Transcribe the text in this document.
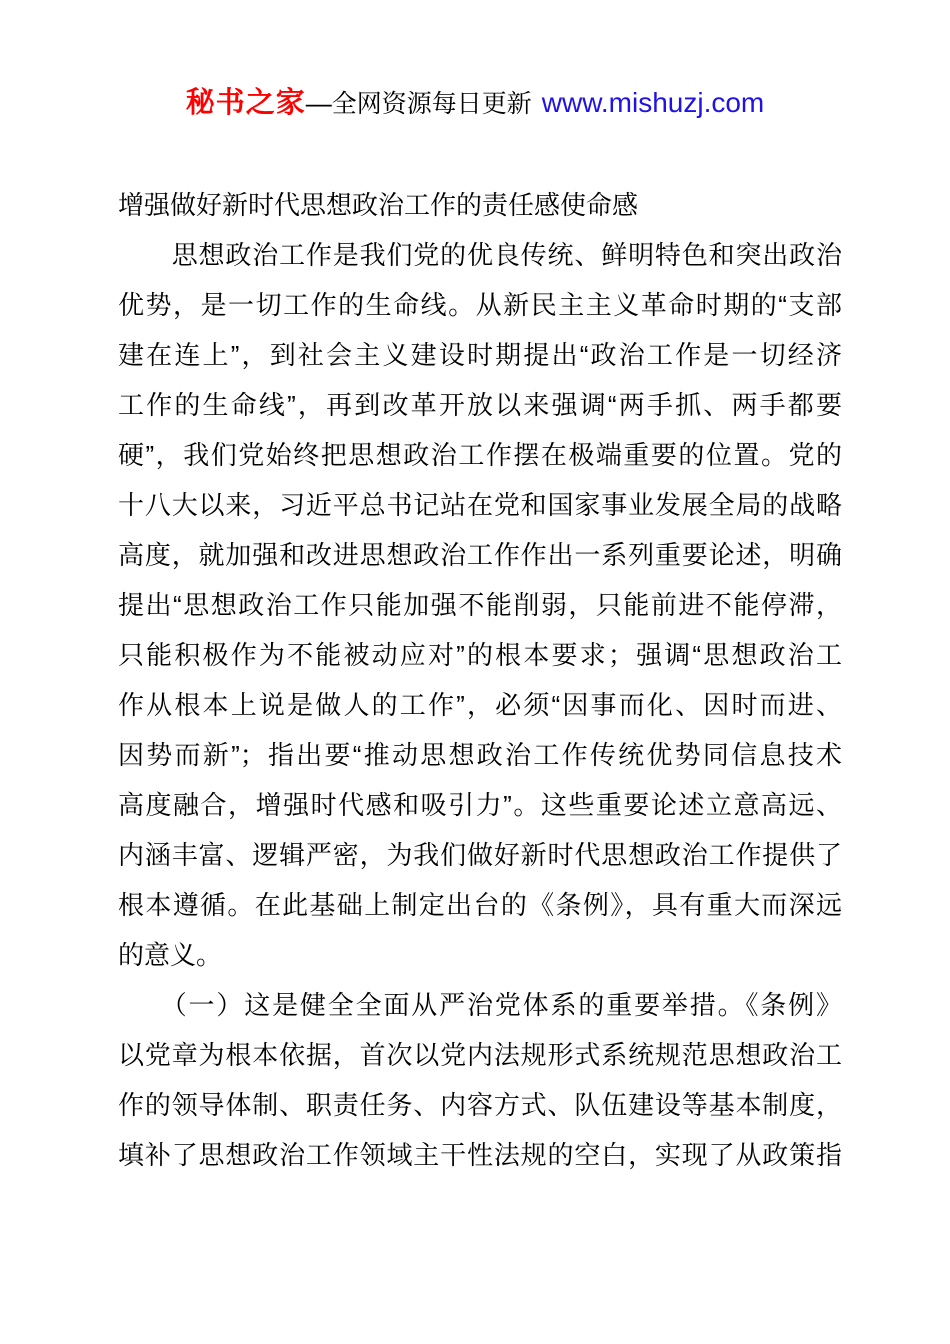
秘书之家—全网资源每日更新 www.mishuzj.com
增强做好新时代思想政治工作的责任感使命感
　　思想政治工作是我们党的优良传统、鲜明特色和突出政治
优势，是一切工作的生命线。从新民主主义革命时期的“支部
建在连上”，到社会主义建设时期提出“政治工作是一切经济
工作的生命线”，再到改革开放以来强调“两手抓、两手都要
硬”，我们党始终把思想政治工作摆在极端重要的位置。党的
十八大以来，习近平总书记站在党和国家事业发展全局的战略
高度，就加强和改进思想政治工作作出一系列重要论述，明确
提出“思想政治工作只能加强不能削弱，只能前进不能停滞，
只能积极作为不能被动应对”的根本要求；强调“思想政治工
作从根本上说是做人的工作”，必须“因事而化、因时而进、
因势而新”；指出要“推动思想政治工作传统优势同信息技术
高度融合，增强时代感和吸引力”。这些重要论述立意高远、
内涵丰富、逻辑严密，为我们做好新时代思想政治工作提供了
根本遵循。在此基础上制定出台的《条例》，具有重大而深远
的意义。
　　（一）这是健全全面从严治党体系的重要举措。《条例》
以党章为根本依据，首次以党内法规形式系统规范思想政治工
作的领导体制、职责任务、内容方式、队伍建设等基本制度，
填补了思想政治工作领域主干性法规的空白，实现了从政策指
